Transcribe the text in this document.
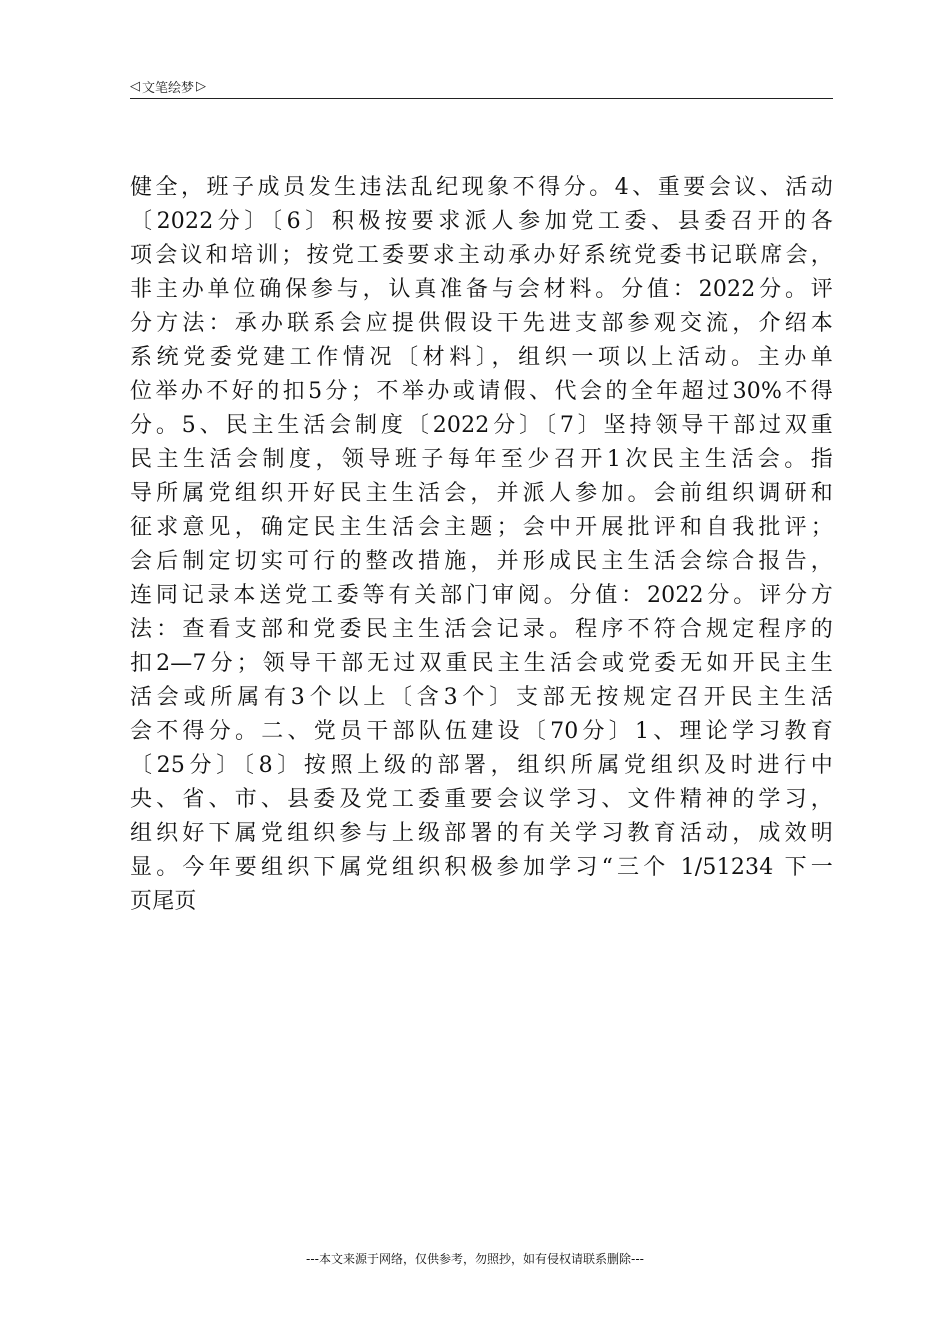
◁ 文笔绘梦 ▷
健全，班子成员发生违法乱纪现象不得分。4、重要会议、活动
〔2022分〕〔6〕积极按要求派人参加党工委、县委召开的各
项会议和培训；按党工委要求主动承办好系统党委书记联席会，
非主办单位确保参与，认真准备与会材料。分值：2022分。评
分方法：承办联系会应提供假设干先进支部参观交流，介绍本
系统党委党建工作情况〔材料〕，组织一项以上活动。主办单
位举办不好的扣5分；不举办或请假、代会的全年超过30%不得
分。5、民主生活会制度〔2022分〕〔7〕坚持领导干部过双重
民主生活会制度，领导班子每年至少召开1次民主生活会。指
导所属党组织开好民主生活会，并派人参加。会前组织调研和
征求意见，确定民主生活会主题；会中开展批评和自我批评；
会后制定切实可行的整改措施，并形成民主生活会综合报告，
连同记录本送党工委等有关部门审阅。分值：2022分。评分方
法：查看支部和党委民主生活会记录。程序不符合规定程序的
扣2—7分；领导干部无过双重民主生活会或党委无如开民主生
活会或所属有3个以上〔含3个〕支部无按规定召开民主生活
会不得分。二、党员干部队伍建设〔70分〕1、理论学习教育
〔25分〕〔8〕按照上级的部署，组织所属党组织及时进行中
央、省、市、县委及党工委重要会议学习、文件精神的学习，
组织好下属党组织参与上级部署的有关学习教育活动，成效明
显。今年要组织下属党组织积极参加学习“三个 1/51234 下一
页尾页
---本文来源于网络，仅供参考，勿照抄，如有侵权请联系删除---
